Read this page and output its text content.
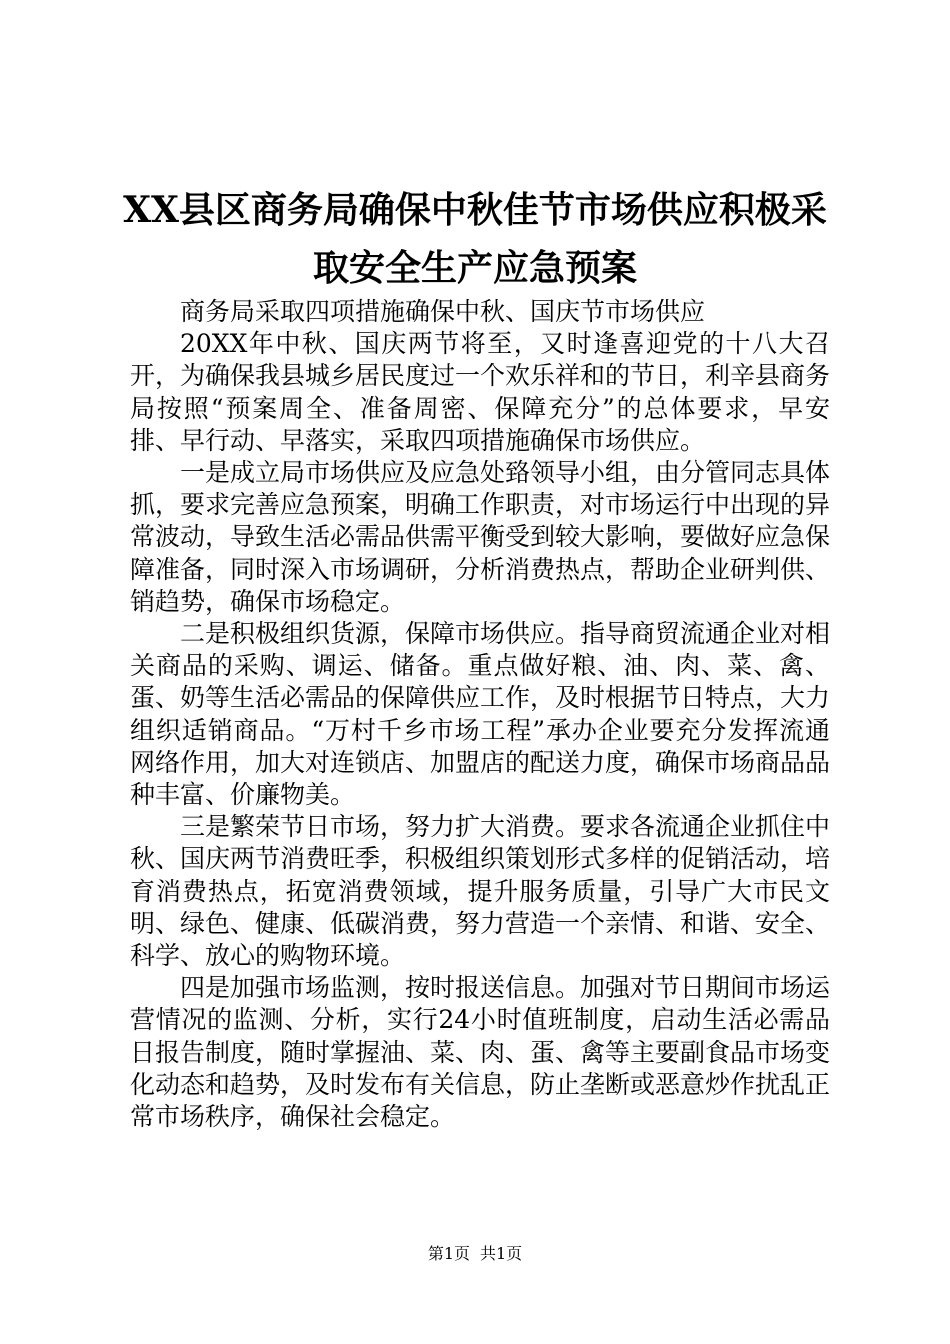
XX县区商务局确保中秋佳节市场供应积极采
取安全生产应急预案

商务局采取四项措施确保中秋、国庆节市场供应

20XX年中秋、国庆两节将至，又时逢喜迎党的十八大召开，为确保我县城乡居民度过一个欢乐祥和的节日，利辛县商务局按照“预案周全、准备周密、保障充分”的总体要求，早安排、早行动、早落实，采取四项措施确保市场供应。

一是成立局市场供应及应急处臵领导小组，由分管同志具体抓，要求完善应急预案，明确工作职责，对市场运行中出现的异常波动，导致生活必需品供需平衡受到较大影响，要做好应急保障准备，同时深入市场调研，分析消费热点，帮助企业研判供、销趋势，确保市场稳定。

二是积极组织货源，保障市场供应。指导商贸流通企业对相关商品的采购、调运、储备。重点做好粮、油、肉、菜、禽、蛋、奶等生活必需品的保障供应工作，及时根据节日特点，大力组织适销商品。“万村千乡市场工程”承办企业要充分发挥流通网络作用，加大对连锁店、加盟店的配送力度，确保市场商品品种丰富、价廉物美。

三是繁荣节日市场，努力扩大消费。要求各流通企业抓住中秋、国庆两节消费旺季，积极组织策划形式多样的促销活动，培育消费热点，拓宽消费领域，提升服务质量，引导广大市民文明、绿色、健康、低碳消费，努力营造一个亲情、和谐、安全、科学、放心的购物环境。

四是加强市场监测，按时报送信息。加强对节日期间市场运营情况的监测、分析，实行24小时值班制度，启动生活必需品日报告制度，随时掌握油、菜、肉、蛋、禽等主要副食品市场变化动态和趋势，及时发布有关信息，防止垄断或恶意炒作扰乱正常市场秩序，确保社会稳定。

第1页 共1页
